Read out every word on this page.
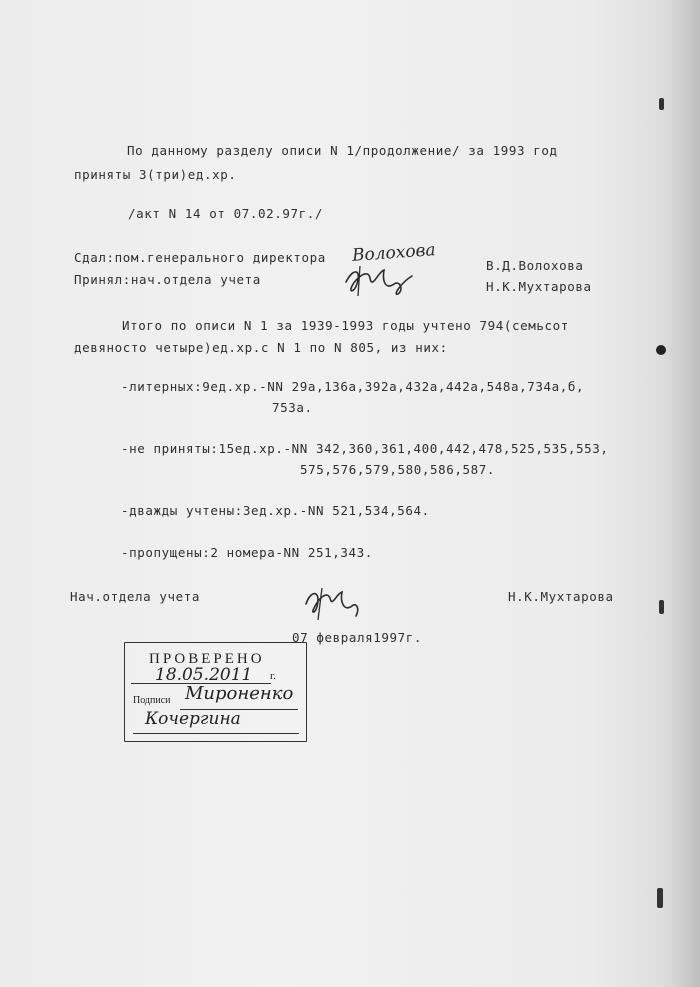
По данному разделу описи N 1/продолжение/ за 1993 год
приняты 3(три)ед.хр.
/акт N 14 от 07.02.97г./
Сдал:пом.генерального директора
В.Д.Волохова
Принял:нач.отдела учета	Н.К.Мухтарова
Волохова
Итого по описи N 1 за 1939-1993 годы учтено 794(семьсот
девяносто четыре)ед.хр.с N 1 по N 805, из них:
-литерных:9ед.хр.-NN 29а,136а,392а,432а,442а,548а,734а,б,
753а.
-не приняты:15ед.хр.-NN 342,360,361,400,442,478,525,535,553,
575,576,579,580,586,587.
-дважды учтены:3ед.хр.-NN 521,534,564.
-пропущены:2 номера-NN 251,343.
Нач.отдела учета	Н.К.Мухтарова
07 февраля1997г.
ПРОВЕРЕНО
18.05.2011 г.
Подписи Мироненко
Кочергина
